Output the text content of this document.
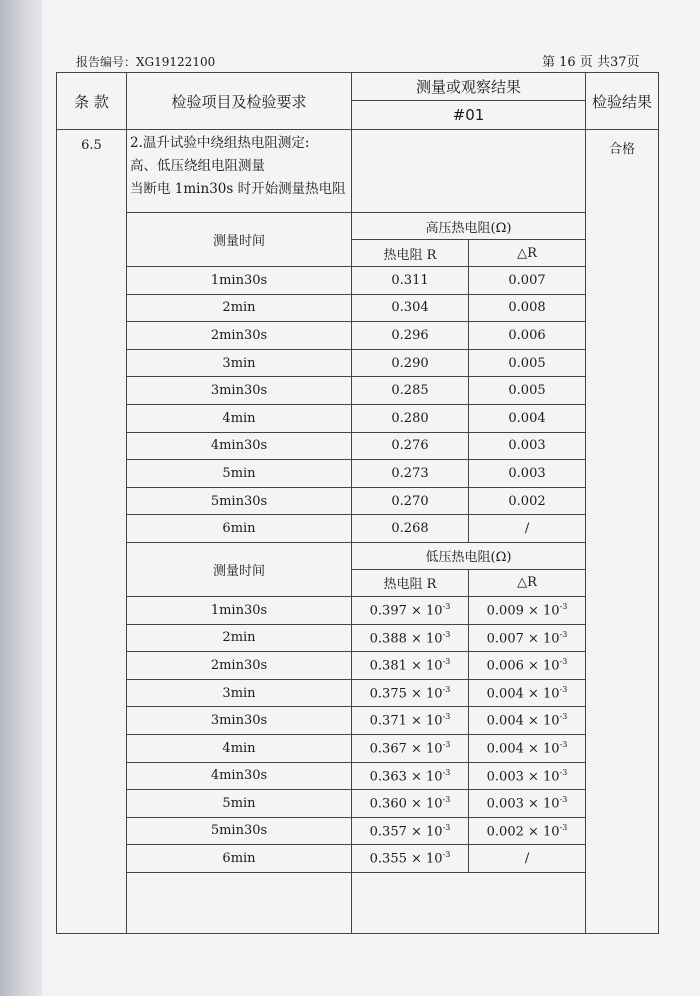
报告编号：XG19122100	第 16 页 共37页
条 款	检验项目及检验要求	测量或观察结果		检验结果
		#01		
6.5	2.温升试验中绕组热电阻测定:
高、低压绕组电阻测量
当断电 1min30s 时开始测量热电阻			合格
	测量时间	高压热电阻(Ω)		
		热电阻 R	△R	
	1min30s	0.311	0.007	
	2min	0.304	0.008	
	2min30s	0.296	0.006	
	3min	0.290	0.005	
	3min30s	0.285	0.005	
	4min	0.280	0.004	
	4min30s	0.276	0.003	
	5min	0.273	0.003	
	5min30s	0.270	0.002	
	6min	0.268	/	
	测量时间	低压热电阻(Ω)		
		热电阻 R	△R	
	1min30s	$0.397 \times 10^{-3}$	$0.009 \times 10^{-3}$
	2min	$0.388 \times 10^{-3}$	$0.007 \times 10^{-3}$
	2min30s	$0.381 \times 10^{-3}$	$0.006 \times 10^{-3}$
	3min	$0.375 \times 10^{-3}$	$0.004 \times 10^{-3}$
	3min30s	$0.371 \times 10^{-3}$	$0.004 \times 10^{-3}$
	4min	$0.367 \times 10^{-3}$	$0.004 \times 10^{-3}$
	4min30s	$0.363 \times 10^{-3}$	$0.003 \times 10^{-3}$
	5min	$0.360 \times 10^{-3}$	$0.003 \times 10^{-3}$
	5min30s	$0.357 \times 10^{-3}$	$0.002 \times 10^{-3}$
	6min	$0.355 \times 10^{-3}$	/	
